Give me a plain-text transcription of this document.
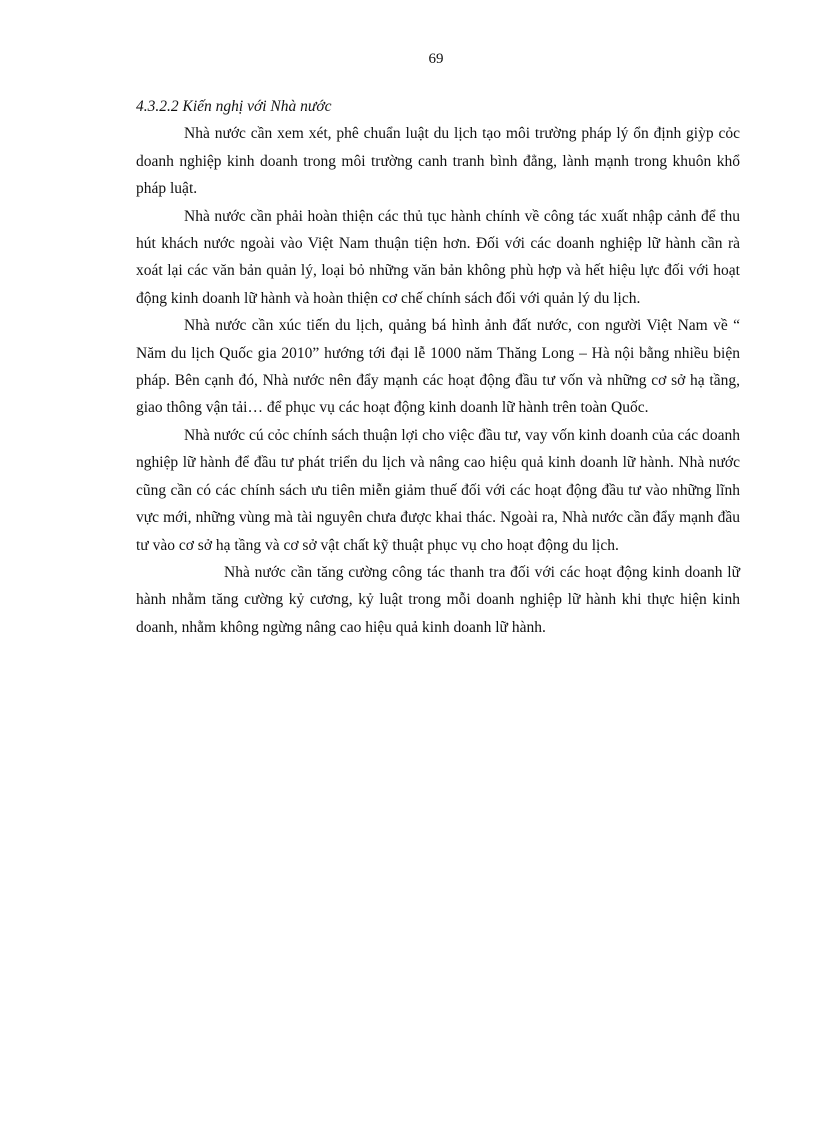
69

4.3.2.2 Kiến nghị với Nhà nước

Nhà nước cần xem xét, phê chuẩn luật du lịch tạo môi trường pháp lý ổn định giỳp cỏc doanh nghiệp kinh doanh trong môi trường canh tranh bình đẳng, lành mạnh trong khuôn khổ pháp luật.

Nhà nước cần phải hoàn thiện các thủ tục hành chính về công tác xuất nhập cảnh để thu hút khách nước ngoài vào Việt Nam thuận tiện hơn. Đối với các doanh nghiệp lữ hành cần rà xoát lại các văn bản quản lý, loại bỏ những văn bản không phù hợp và hết hiệu lực đối với hoạt động kinh doanh lữ hành và hoàn thiện cơ chế chính sách đối với quản lý du lịch.

Nhà nước cần xúc tiến du lịch, quảng bá hình ảnh đất nước, con người Việt Nam về “ Năm du lịch Quốc gia 2010” hướng tới đại lễ 1000 năm Thăng Long – Hà nội bằng nhiều biện pháp. Bên cạnh đó, Nhà nước nên đẩy mạnh các hoạt động đầu tư vốn và những cơ sở hạ tầng, giao thông vận tải… để phục vụ các hoạt động kinh doanh lữ hành trên toàn Quốc.

Nhà nước cú cỏc chính sách thuận lợi cho việc đầu tư, vay vốn kinh doanh của các doanh nghiệp lữ hành để đầu tư phát triển du lịch và nâng cao hiệu quả kinh doanh lữ hành. Nhà nước cũng cần có các chính sách ưu tiên miễn giảm thuế đối với các hoạt động đầu tư vào những lĩnh vực mới, những vùng mà tài nguyên chưa được khai thác. Ngoài ra, Nhà nước cần đẩy mạnh đầu tư vào cơ sở hạ tầng và cơ sở vật chất kỹ thuật phục vụ cho hoạt động du lịch.

Nhà nước cần tăng cường công tác thanh tra đối với các hoạt động kinh doanh lữ hành nhằm tăng cường kỷ cương, kỷ luật trong mỗi doanh nghiệp lữ hành khi thực hiện kinh doanh, nhằm không ngừng nâng cao hiệu quả kinh doanh lữ hành.
